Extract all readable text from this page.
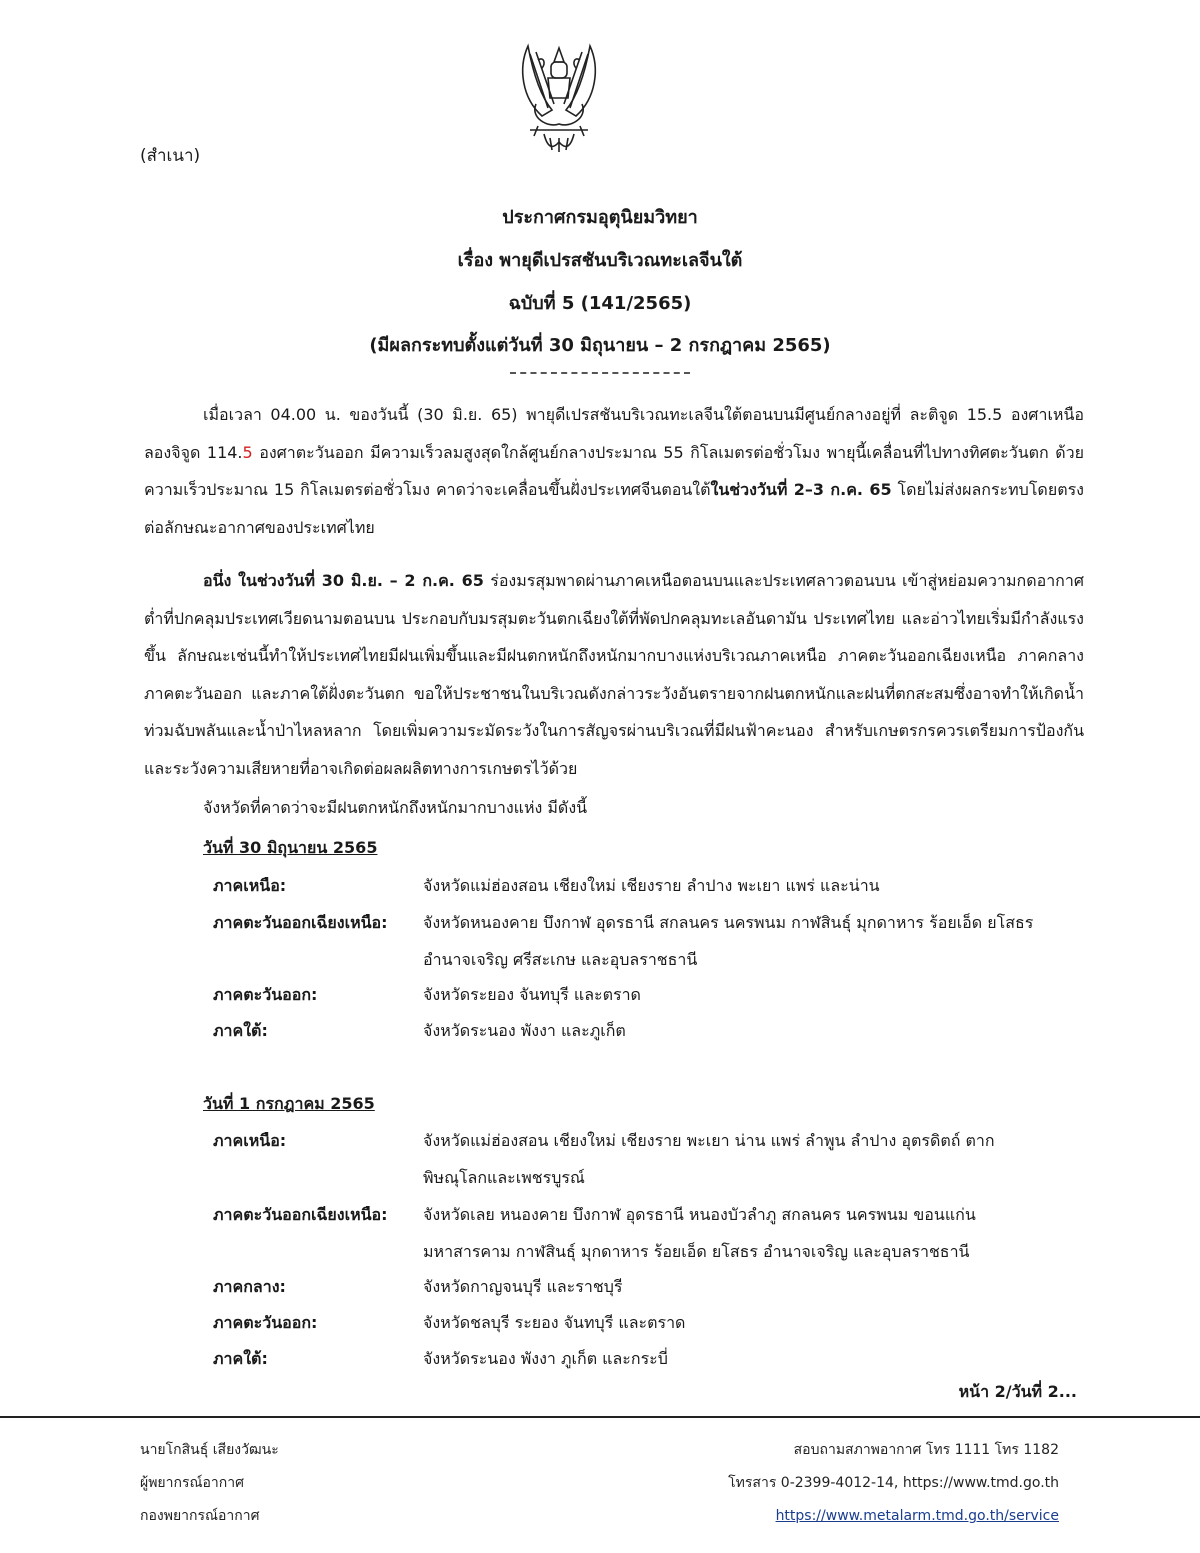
(สำเนา)
ประกาศกรมอุตุนิยมวิทยา
เรื่อง พายุดีเปรสชันบริเวณทะเลจีนใต้
ฉบับที่ 5 (141/2565)
(มีผลกระทบตั้งแต่วันที่ 30 มิถุนายน – 2 กรกฎาคม 2565)
เมื่อเวลา 04.00 น. ของวันนี้ (30 มิ.ย. 65) พายุดีเปรสชันบริเวณทะเลจีนใต้ตอนบนมีศูนย์กลางอยู่ที่ ละติจูด 15.5 องศาเหนือ ลองจิจูด 114.5 องศาตะวันออก มีความเร็วลมสูงสุดใกล้ศูนย์กลางประมาณ 55 กิโลเมตรต่อชั่วโมง พายุนี้เคลื่อนที่ไปทางทิศตะวันตก ด้วยความเร็วประมาณ 15 กิโลเมตรต่อชั่วโมง คาดว่าจะเคลื่อนขึ้นฝั่งประเทศจีนตอนใต้ในช่วงวันที่ 2–3 ก.ค. 65 โดยไม่ส่งผลกระทบโดยตรงต่อลักษณะอากาศของประเทศไทย
อนึ่ง ในช่วงวันที่ 30 มิ.ย. – 2 ก.ค. 65 ร่องมรสุมพาดผ่านภาคเหนือตอนบนและประเทศลาวตอนบน เข้าสู่หย่อมความกดอากาศต่ำที่ปกคลุมประเทศเวียดนามตอนบน ประกอบกับมรสุมตะวันตกเฉียงใต้ที่พัดปกคลุมทะเลอันดามัน ประเทศไทย และอ่าวไทยเริ่มมีกำลังแรงขึ้น ลักษณะเช่นนี้ทำให้ประเทศไทยมีฝนเพิ่มขึ้นและมีฝนตกหนักถึงหนักมากบางแห่งบริเวณภาคเหนือ ภาคตะวันออกเฉียงเหนือ ภาคกลาง ภาคตะวันออก และภาคใต้ฝั่งตะวันตก ขอให้ประชาชนในบริเวณดังกล่าวระวังอันตรายจากฝนตกหนักและฝนที่ตกสะสมซึ่งอาจทำให้เกิดน้ำท่วมฉับพลันและน้ำป่าไหลหลาก โดยเพิ่มความระมัดระวังในการสัญจรผ่านบริเวณที่มีฝนฟ้าคะนอง สำหรับเกษตรกรควรเตรียมการป้องกันและระวังความเสียหายที่อาจเกิดต่อผลผลิตทางการเกษตรไว้ด้วย
จังหวัดที่คาดว่าจะมีฝนตกหนักถึงหนักมากบางแห่ง มีดังนี้
วันที่ 30 มิถุนายน 2565
ภาคเหนือ:	จังหวัดแม่ฮ่องสอน เชียงใหม่ เชียงราย ลำปาง พะเยา แพร่ และน่าน
ภาคตะวันออกเฉียงเหนือ:	จังหวัดหนองคาย บึงกาฬ อุดรธานี สกลนคร นครพนม กาฬสินธุ์ มุกดาหาร ร้อยเอ็ด ยโสธร
อำนาจเจริญ ศรีสะเกษ และอุบลราชธานี
ภาคตะวันออก:	จังหวัดระยอง จันทบุรี และตราด
ภาคใต้:	จังหวัดระนอง พังงา และภูเก็ต
วันที่ 1 กรกฎาคม 2565
ภาคเหนือ:	จังหวัดแม่ฮ่องสอน เชียงใหม่ เชียงราย พะเยา น่าน แพร่ ลำพูน ลำปาง อุตรดิตถ์ ตาก
พิษณุโลกและเพชรบูรณ์
ภาคตะวันออกเฉียงเหนือ:	จังหวัดเลย หนองคาย บึงกาฬ อุดรธานี หนองบัวลำภู สกลนคร นครพนม ขอนแก่น
มหาสารคาม กาฬสินธุ์ มุกดาหาร ร้อยเอ็ด ยโสธร อำนาจเจริญ และอุบลราชธานี
ภาคกลาง:	จังหวัดกาญจนบุรี และราชบุรี
ภาคตะวันออก:	จังหวัดชลบุรี ระยอง จันทบุรี และตราด
ภาคใต้:	จังหวัดระนอง พังงา ภูเก็ต และกระบี่
หน้า 2/วันที่ 2...
นายโกสินธุ์ เสียงวัฒนะ
ผู้พยากรณ์อากาศ
กองพยากรณ์อากาศ
สอบถามสภาพอากาศ โทร 1111 โทร 1182
โทรสาร 0-2399-4012-14, https://www.tmd.go.th
https://www.metalarm.tmd.go.th/service
